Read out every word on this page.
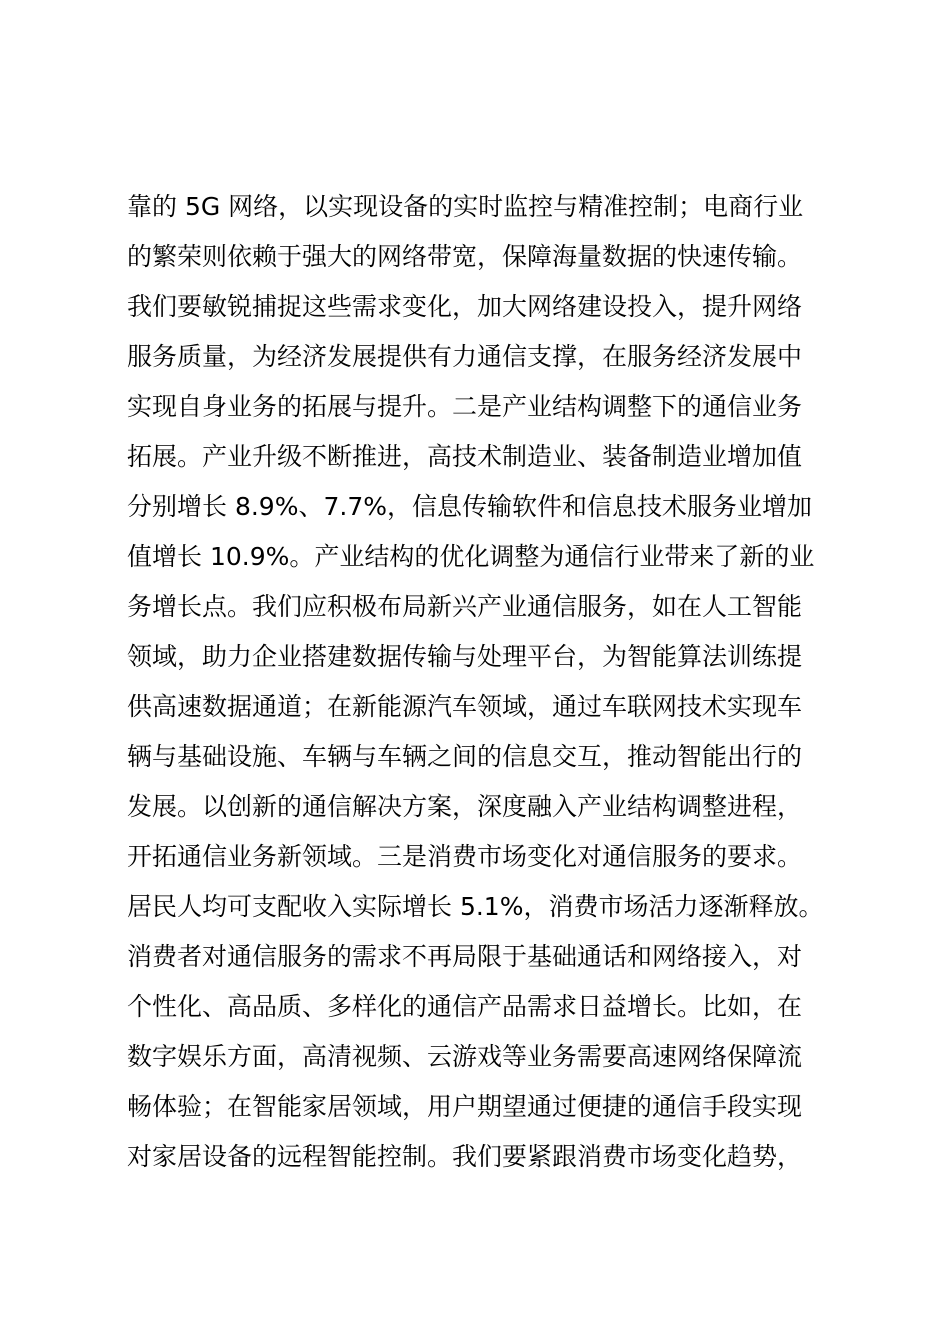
靠的 5G 网络，以实现设备的实时监控与精准控制；电商行业
的繁荣则依赖于强大的网络带宽，保障海量数据的快速传输。
我们要敏锐捕捉这些需求变化，加大网络建设投入，提升网络
服务质量，为经济发展提供有力通信支撑，在服务经济发展中
实现自身业务的拓展与提升。二是产业结构调整下的通信业务
拓展。产业升级不断推进，高技术制造业、装备制造业增加值
分别增长 8.9%、7.7%，信息传输软件和信息技术服务业增加
值增长 10.9%。产业结构的优化调整为通信行业带来了新的业
务增长点。我们应积极布局新兴产业通信服务，如在人工智能
领域，助力企业搭建数据传输与处理平台，为智能算法训练提
供高速数据通道；在新能源汽车领域，通过车联网技术实现车
辆与基础设施、车辆与车辆之间的信息交互，推动智能出行的
发展。以创新的通信解决方案，深度融入产业结构调整进程，
开拓通信业务新领域。三是消费市场变化对通信服务的要求。
居民人均可支配收入实际增长 5.1%，消费市场活力逐渐释放。
消费者对通信服务的需求不再局限于基础通话和网络接入，对
个性化、高品质、多样化的通信产品需求日益增长。比如，在
数字娱乐方面，高清视频、云游戏等业务需要高速网络保障流
畅体验；在智能家居领域，用户期望通过便捷的通信手段实现
对家居设备的远程智能控制。我们要紧跟消费市场变化趋势，
